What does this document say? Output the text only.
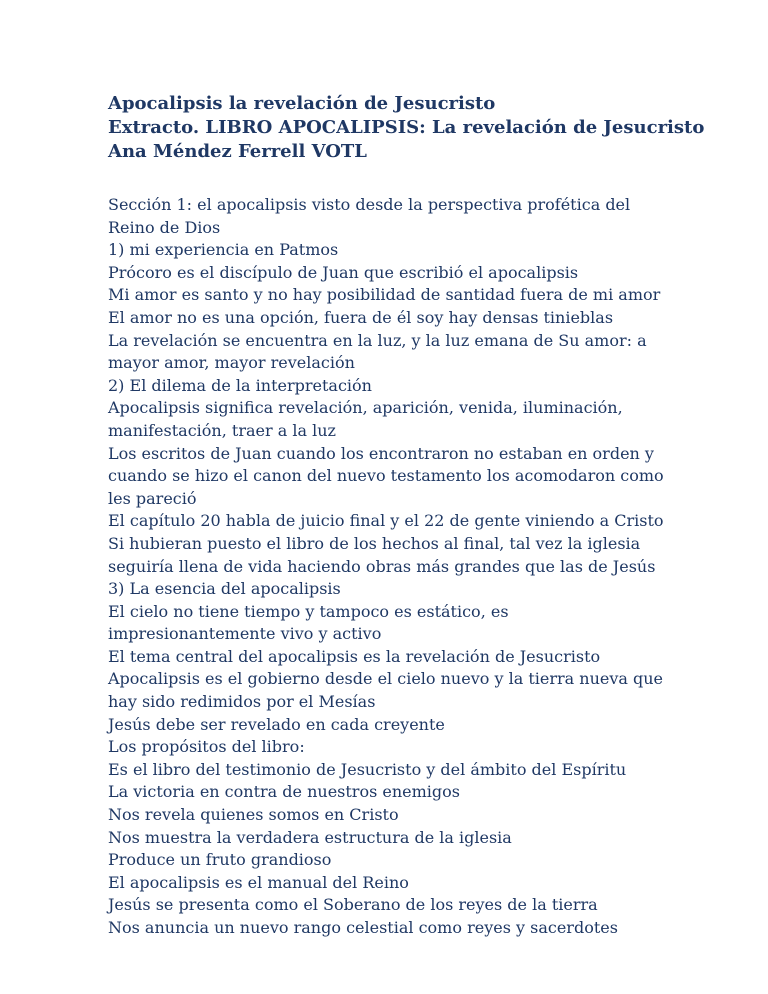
Apocalipsis la revelación de Jesucristo
Extracto. LIBRO APOCALIPSIS: La revelación de Jesucristo
Ana Méndez Ferrell VOTL
Sección 1: el apocalipsis visto desde la perspectiva profética del Reino de Dios
1) mi experiencia en Patmos
Prócoro es el discípulo de Juan que escribió el apocalipsis
Mi amor es santo y no hay posibilidad de santidad fuera de mi amor
El amor no es una opción, fuera de él soy hay densas tinieblas
La revelación se encuentra en la luz, y la luz emana de Su amor: a mayor amor, mayor revelación
2) El dilema de la interpretación
Apocalipsis significa revelación, aparición, venida, iluminación, manifestación, traer a la luz
Los escritos de Juan cuando los encontraron no estaban en orden y cuando se hizo el canon del nuevo testamento los acomodaron como les pareció
El capítulo 20 habla de juicio final y el 22 de gente viniendo a Cristo
Si hubieran puesto el libro de los hechos al final, tal vez la iglesia seguiría llena de vida haciendo obras más grandes que las de Jesús
3) La esencia del apocalipsis
El cielo no tiene tiempo y tampoco es estático, es impresionantemente vivo y activo
El tema central del apocalipsis es la revelación de Jesucristo
Apocalipsis es el gobierno desde el cielo nuevo y la tierra nueva que hay sido redimidos por el Mesías
Jesús debe ser revelado en cada creyente
Los propósitos del libro:
Es el libro del testimonio de Jesucristo y del ámbito del Espíritu
La victoria en contra de nuestros enemigos
Nos revela quienes somos en Cristo
Nos muestra la verdadera estructura de la iglesia
Produce un fruto grandioso
El apocalipsis es el manual del Reino
Jesús se presenta como el Soberano de los reyes de la tierra
Nos anuncia un nuevo rango celestial como reyes y sacerdotes
